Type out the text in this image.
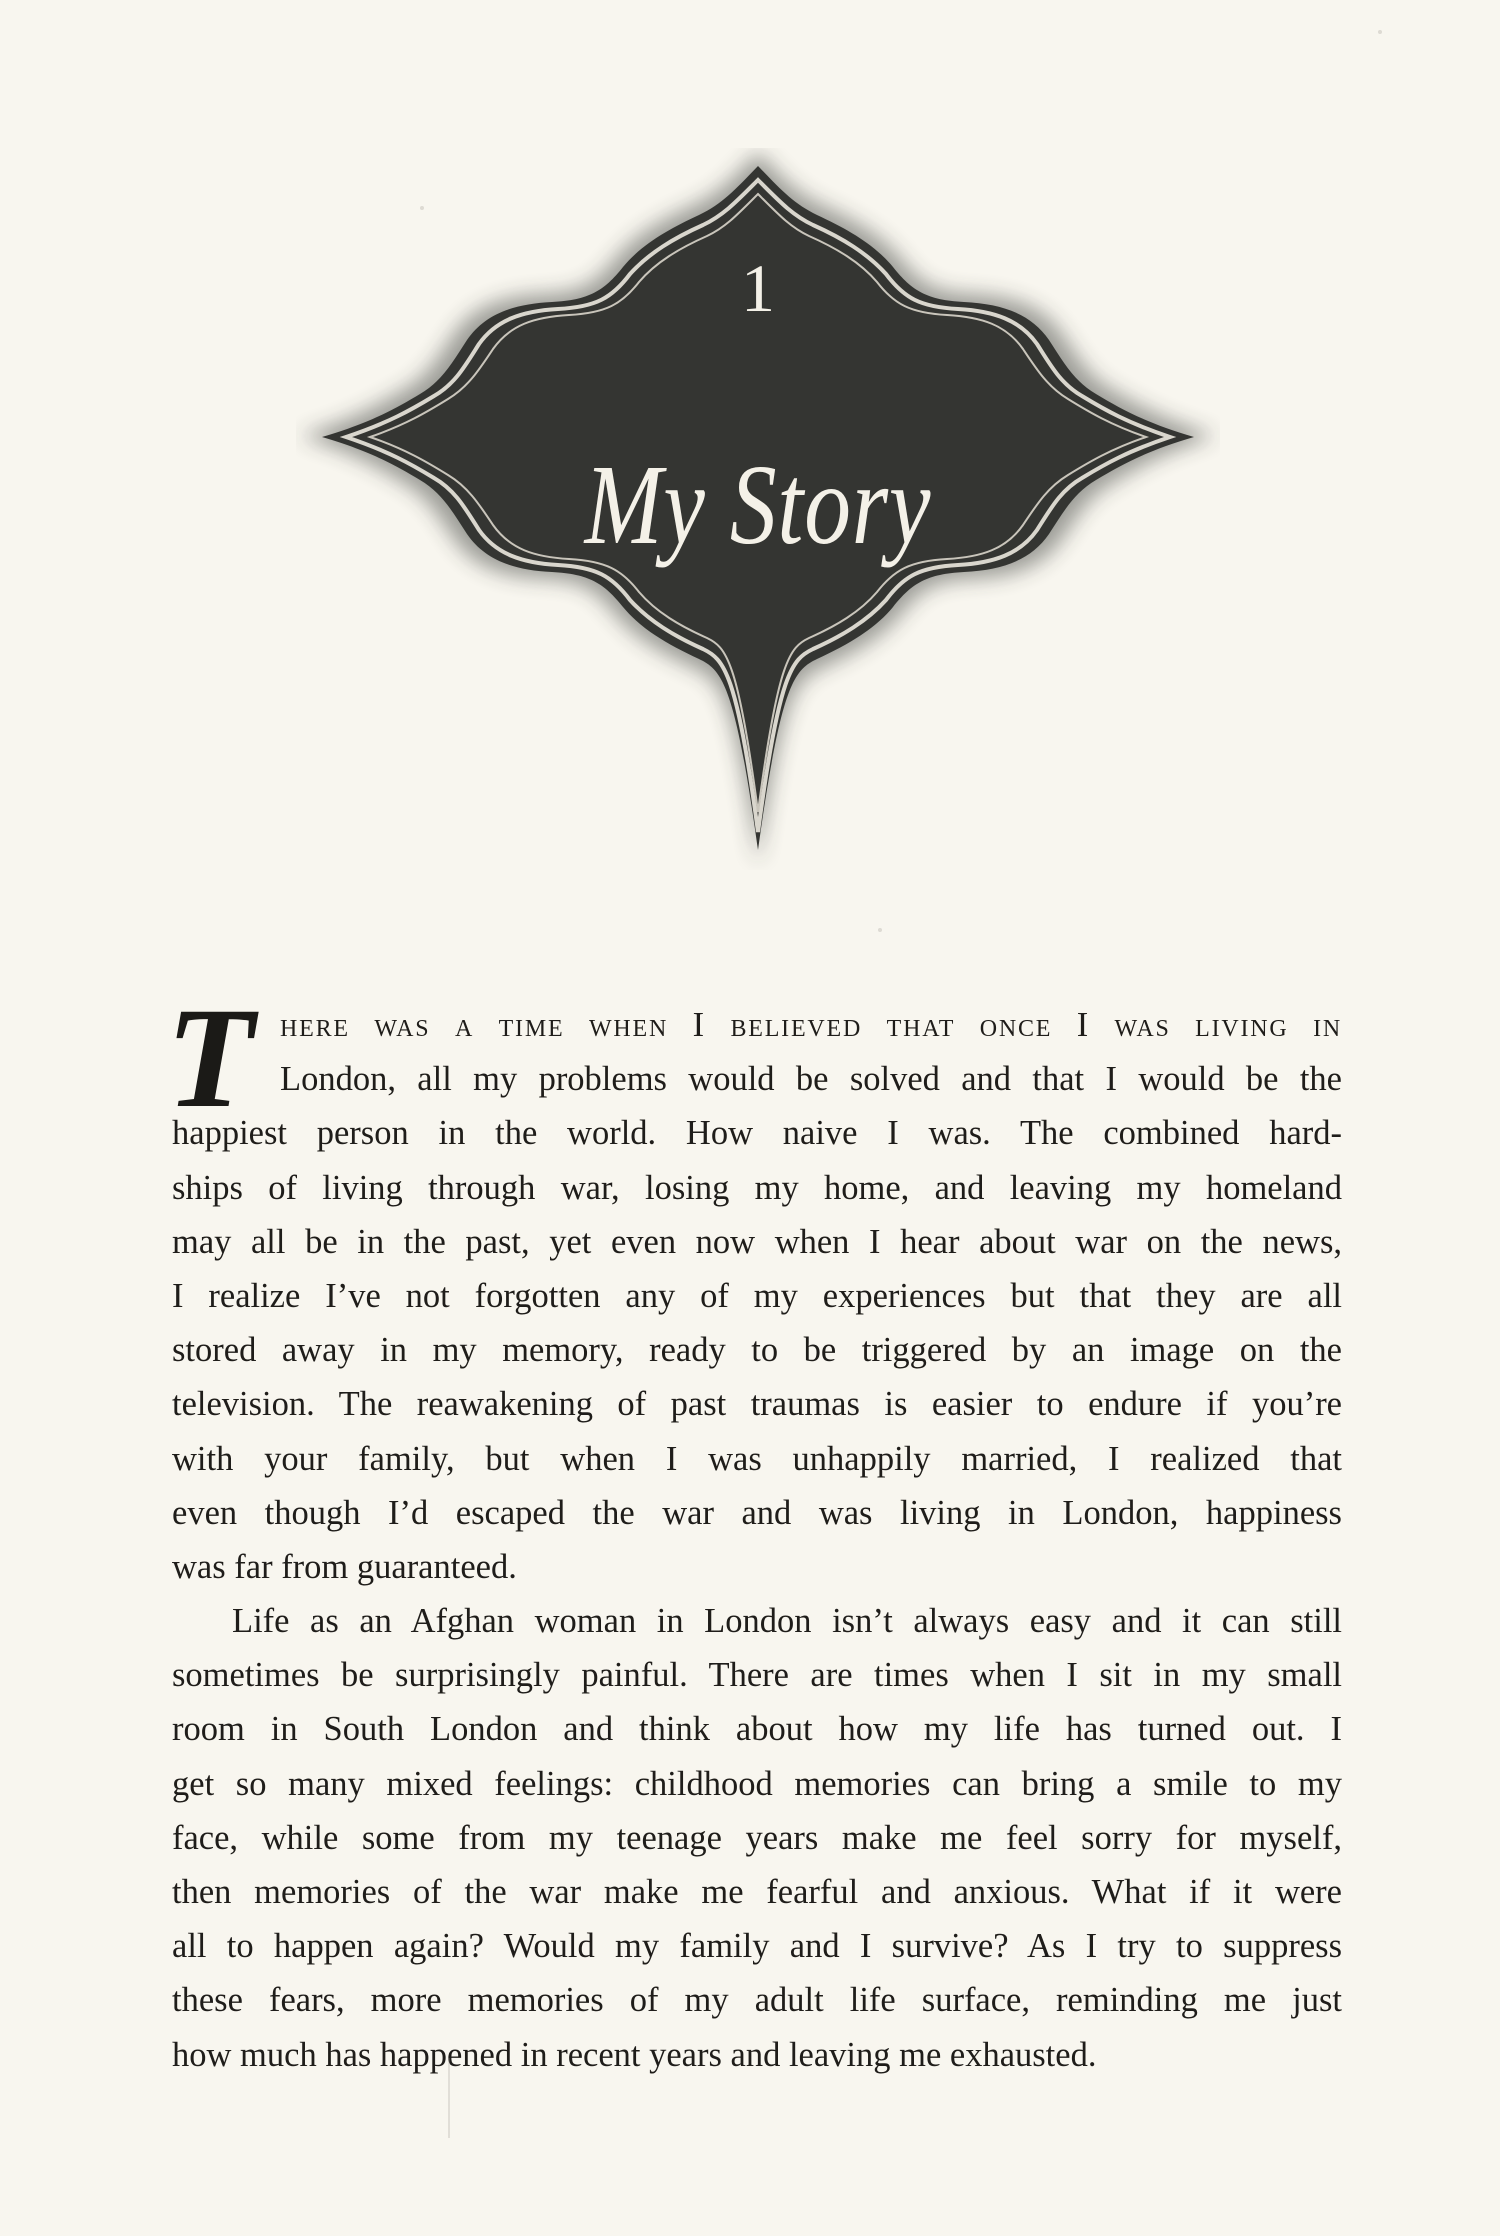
1
My Story
T here was a time when I believed that once I was living in
London, all my problems would be solved and that I would be the
happiest person in the world. How naive I was. The combined hard-
ships of living through war, losing my home, and leaving my homeland
may all be in the past, yet even now when I hear about war on the news,
I realize I’ve not forgotten any of my experiences but that they are all
stored away in my memory, ready to be triggered by an image on the
television. The reawakening of past traumas is easier to endure if you’re
with your family, but when I was unhappily married, I realized that
even though I’d escaped the war and was living in London, happiness
was far from guaranteed.
Life as an Afghan woman in London isn’t always easy and it can still
sometimes be surprisingly painful. There are times when I sit in my small
room in South London and think about how my life has turned out. I
get so many mixed feelings: childhood memories can bring a smile to my
face, while some from my teenage years make me feel sorry for myself,
then memories of the war make me fearful and anxious. What if it were
all to happen again? Would my family and I survive? As I try to suppress
these fears, more memories of my adult life surface, reminding me just
how much has happened in recent years and leaving me exhausted.
